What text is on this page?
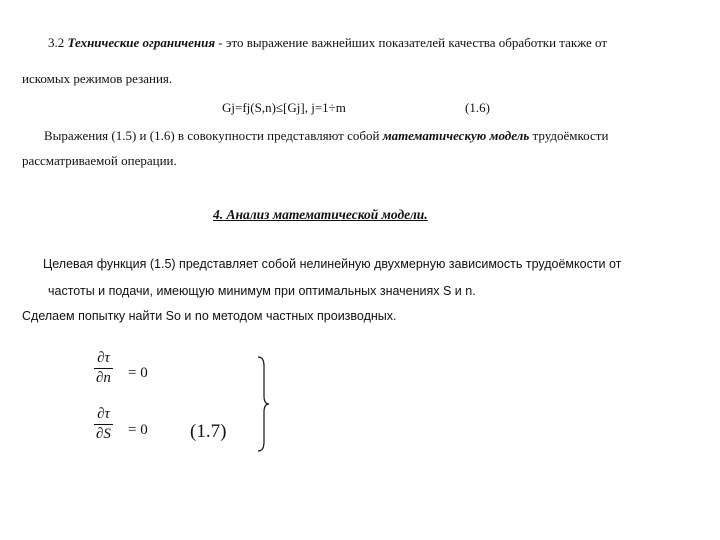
3.2 Технические ограничения - это выражение важнейших показателей качества обработки также от
искомых режимов резания.
Gj=fj(S,n)≤[Gj], j=1÷m	(1.6)
Выражения (1.5) и (1.6) в совокупности представляют собой математическую модель трудоёмкости
рассматриваемой операции.
4. Анализ математической модели.
Целевая функция (1.5) представляет собой нелинейную двухмерную зависимость трудоёмкости от
частоты и подачи, имеющую минимум при оптимальных значениях S и n.
Сделаем попытку найти So и no методом частных производных.
∂τ
∂n = 0
∂τ
∂S = 0 (1.7)
